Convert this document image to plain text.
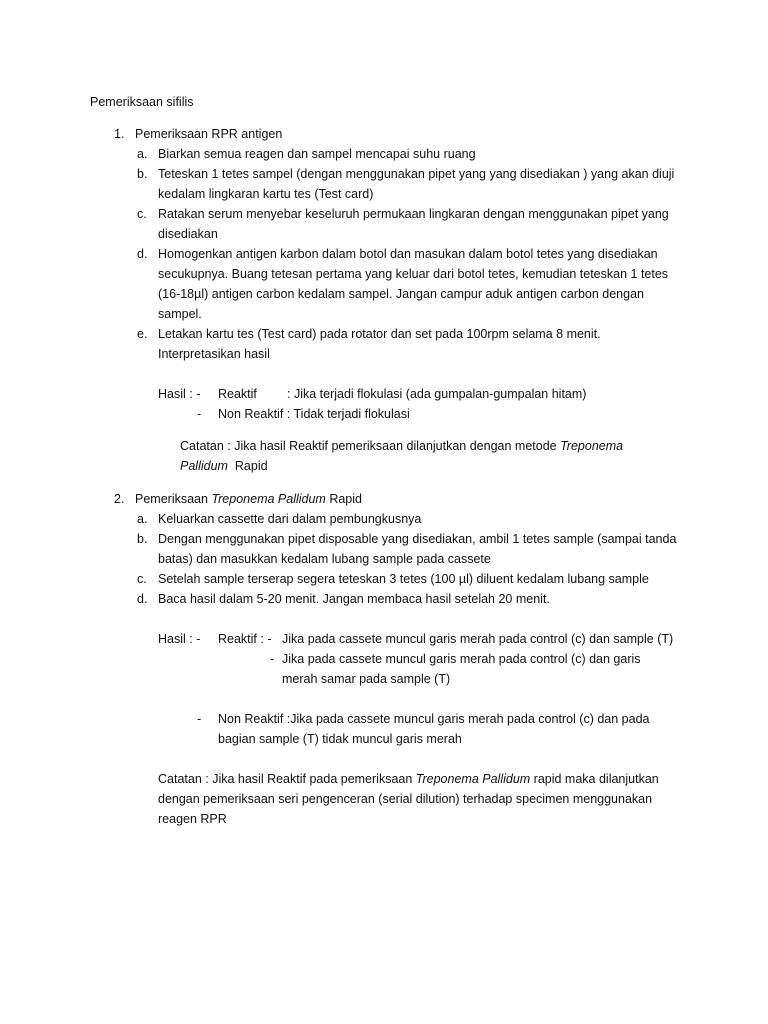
Pemeriksaan sifilis
1. Pemeriksaan RPR antigen
a. Biarkan semua reagen dan sampel mencapai suhu ruang
b. Teteskan 1 tetes sampel (dengan menggunakan pipet yang yang disediakan ) yang akan diuji
kedalam lingkaran kartu tes (Test card)
c. Ratakan serum menyebar keseluruh permukaan lingkaran dengan menggunakan pipet yang
disediakan
d. Homogenkan antigen karbon dalam botol dan masukan dalam botol tetes yang disediakan
secukupnya. Buang tetesan pertama yang keluar dari botol tetes, kemudian teteskan 1 tetes
(16-18µl) antigen carbon kedalam sampel. Jangan campur aduk antigen carbon dengan
sampel.
e. Letakan kartu tes (Test card) pada rotator dan set pada 100rpm selama 8 menit.
Interpretasikan hasil
Hasil : - Reaktif : Jika terjadi flokulasi (ada gumpalan-gumpalan hitam)
- Non Reaktif : Tidak terjadi flokulasi
Catatan : Jika hasil Reaktif pemeriksaan dilanjutkan dengan metode Treponema
Pallidum Rapid
2. Pemeriksaan Treponema Pallidum Rapid
a. Keluarkan cassette dari dalam pembungkusnya
b. Dengan menggunakan pipet disposable yang disediakan, ambil 1 tetes sample (sampai tanda
batas) dan masukkan kedalam lubang sample pada cassete
c. Setelah sample terserap segera teteskan 3 tetes (100 µl) diluent kedalam lubang sample
d. Baca hasil dalam 5-20 menit. Jangan membaca hasil setelah 20 menit.
Hasil : - Reaktif : - Jika pada cassete muncul garis merah pada control (c) dan sample (T)
- Jika pada cassete muncul garis merah pada control (c) dan garis
merah samar pada sample (T)
- Non Reaktif :Jika pada cassete muncul garis merah pada control (c) dan pada
bagian sample (T) tidak muncul garis merah
Catatan : Jika hasil Reaktif pada pemeriksaan Treponema Pallidum rapid maka dilanjutkan
dengan pemeriksaan seri pengenceran (serial dilution) terhadap specimen menggunakan
reagen RPR
